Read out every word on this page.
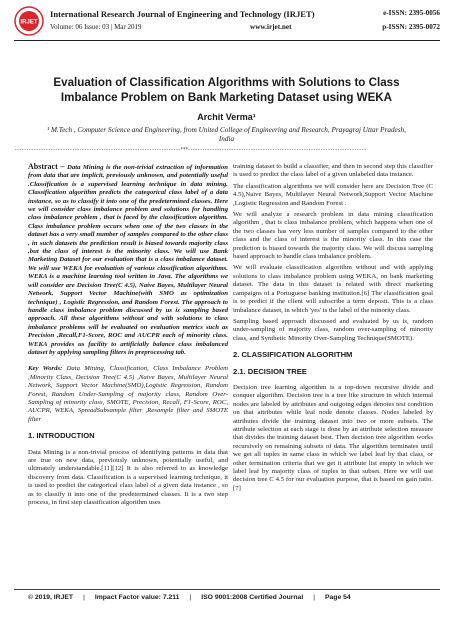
IRJET
International Research Journal of Engineering and Technology (IRJET)
Volume: 06 Issue: 03 | Mar 2019	www.irjet.net
e-ISSN: 2395-0056
p-ISSN: 2395-0072
Evaluation of Classification Algorithms with Solutions to Class Imbalance Problem on Bank Marketing Dataset using WEKA
Archit Verma¹
¹ M.Tech , Computer Science and Engineering, from United College of Engineering and Research, Prayagraj Uttar Pradesh, India
---------------------------------------------------------------------***--------------------------------------------------------------------------

Abstract – Data Mining is the non-trivial extraction of information from data that are implicit, previously unknown, and potentially useful .Classification is a supervised learning technique in data mining. Classification algorithm predicts the categorical class label of a data instance, so as to classify it into one of the predetermined classes. Here we will consider class imbalance problem and solutions for handling class imbalance problem , that is faced by the classification algorithm. Class imbalance problem occurs when one of the two classes in the dataset has a very small number of samples compared to the other class , in such datasets the prediction result is biased towards majority class ,but the class of interest is the minority class. We will use Bank Marketing Dataset for our evaluation that is a class imbalance dataset. We will use WEKA for evaluation of various classification algorithms. WEKA is a machine learning tool written in Java. The algorithms we will consider are Decision Tree(C 4.5), Naive Bayes, Multilayer Neural Network, Support Vector Machine(with SMO as optimization technique) , Logistic Regression, and Random Forest. The approach to handle class imbalance problem discussed by us is sampling based approach. All these algorithms without and with solutions to class imbalance problems will be evaluated on evaluation metrics such as Precision ,Recall,F1-Score, ROC and AUCPR each of minority class. WEKA provides us facility to artificially balance class imbalanced dataset by applying sampling filters in preprocessing tab.

Key Words: Data Mining, Classification, Class Imbalance Problem ,Minority Class, Decision Tree(C 4.5) ,Naive Bayes, Multilayer Neural Network, Support Vector Machine(SMO),Logistic Regression, Random Forest, Random Under-Sampling of majority class, Random Over-Sampling of minority class, SMOTE, Precision, Recall, F1-Score, ROC, AUCPR, WEKA, SpreadSubsample filter ,Resample filter and SMOTE filter

1. INTRODUCTION

Data Mining is a non-trivial process of identifying patterns in data that are true on new data, previously unknown, potentially useful, and ultimately understandable.[11][12] It is also referred to as knowledge discovery from data. Classification is a supervised learning technique, it is used to predict the categorical class label of a given data instance , so as to classify it into one of the predetermined classes. It is a two step process, in first step classification algorithm uses

training dataset to build a classifier, and then in second step this classifier is used to predict the class label of a given unlabeled data instance.

The classification algorithms we will consider here are Decision Tree (C 4.5),Naive Bayes, Multilayer Neural Network,Support Vector Machine ,Logistic Regression and Random Forest .

We will analyze a research problem in data mining classification algorithm , that is class imbalance problem, which happens when one of the two classes has very less number of samples compared to the other class and the class of interest is the minority class. In this case the prediction is biased towards the majority class. We will discuss sampling based approach to handle class imbalance problem.

We will evaluate classification algorithm without and with applying solutions to class imbalance problem using WEKA, on bank marketing dataset. The data in this dataset is related with direct marketing campaigns of a Portuguese banking institution.[6] The classification goal is to predict if the client will subscribe a term deposit. This is a class imbalance dataset, in which 'yes' is the label of the minority class.

Sampling based approach discussed and evaluated by us is, random under-sampling of majority class, random over-sampling of minority class, and Synthetic Minority Over-Sampling Technique(SMOTE).

2. CLASSIFICATION ALGORITHM
2.1. DECISION TREE

Decision tree learning algorithm is a top-down recursive divide and conquer algorithm. Decision tree is a tree like structure in which internal nodes are labeled by attributes and outgoing edges denotes test condition on that attributes while leaf node denote classes. Nodes labeled by attributes divide the training dataset into two or more subsets. The attribute selection at each stage is done by an attribute selection measure that divides the training dataset best. Then decision tree algorithm works recursively on remaining subsets of data. The algorithm terminates until we get all tuples in same class in which we label leaf by that class, or other termination criteria that we get it attribute list empty in which we label leaf by majority class of tuples in that subset. Here we will use decision tree C 4.5 for our evaluation purpose, that is based on gain ratio. [7]

© 2019, IRJET | Impact Factor value: 7.211 | ISO 9001:2008 Certified Journal | Page 54
